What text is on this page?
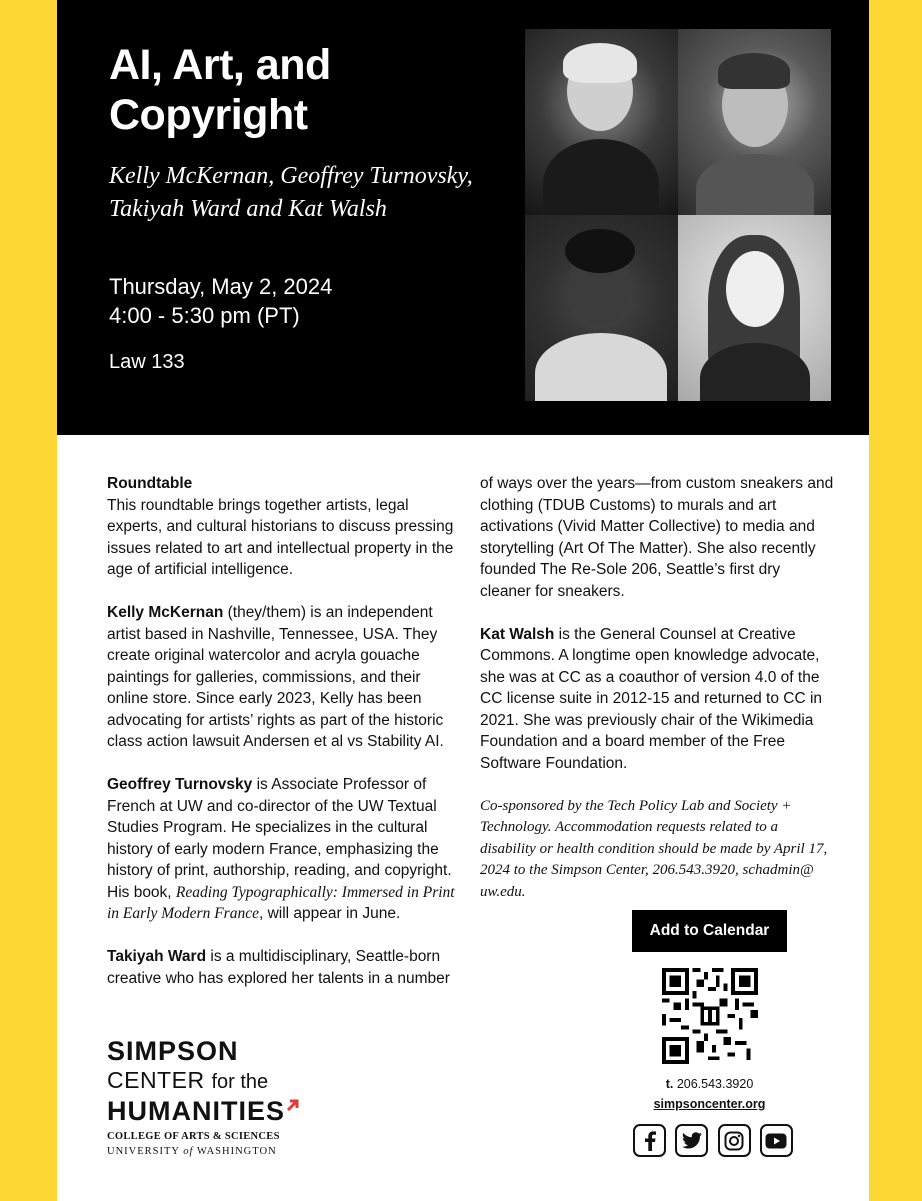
AI, Art, and Copyright
Kelly McKernan, Geoffrey Turnovsky, Takiyah Ward and Kat Walsh
Thursday, May 2, 2024
4:00 - 5:30 pm (PT)
Law 133

Roundtable
This roundtable brings together artists, legal experts, and cultural historians to discuss pressing issues related to art and intellectual property in the age of artificial intelligence.

Kelly McKernan (they/them) is an independent artist based in Nashville, Tennessee, USA. They create original watercolor and acryla gouache paintings for galleries, commissions, and their online store. Since early 2023, Kelly has been advocating for artists’ rights as part of the historic class action lawsuit Andersen et al vs Stability AI.

Geoffrey Turnovsky is Associate Professor of French at UW and co-director of the UW Textual Studies Program. He specializes in the cultural history of early modern France, emphasizing the history of print, authorship, reading, and copyright. His book, Reading Typographically: Immersed in Print in Early Modern France, will appear in June.

Takiyah Ward is a multidisciplinary, Seattle-born creative who has explored her talents in a number

of ways over the years—from custom sneakers and clothing (TDUB Customs) to murals and art activations (Vivid Matter Collective) to media and storytelling (Art Of The Matter). She also recently founded The Re-Sole 206, Seattle’s first dry cleaner for sneakers.

Kat Walsh is the General Counsel at Creative Commons. A longtime open knowledge advocate, she was at CC as a coauthor of version 4.0 of the CC license suite in 2012-15 and returned to CC in 2021. She was previously chair of the Wikimedia Foundation and a board member of the Free Software Foundation.

Co-sponsored by the Tech Policy Lab and Society + Technology. Accommodation requests related to a disability or health condition should be made by April 17, 2024 to the Simpson Center, 206.543.3920, schadmin@ uw.edu.

Add to Calendar
t. 206.543.3920
simpsoncenter.org
SIMPSON
CENTER for the
HUMANITIES
COLLEGE OF ARTS & SCIENCES
UNIVERSITY of WASHINGTON
